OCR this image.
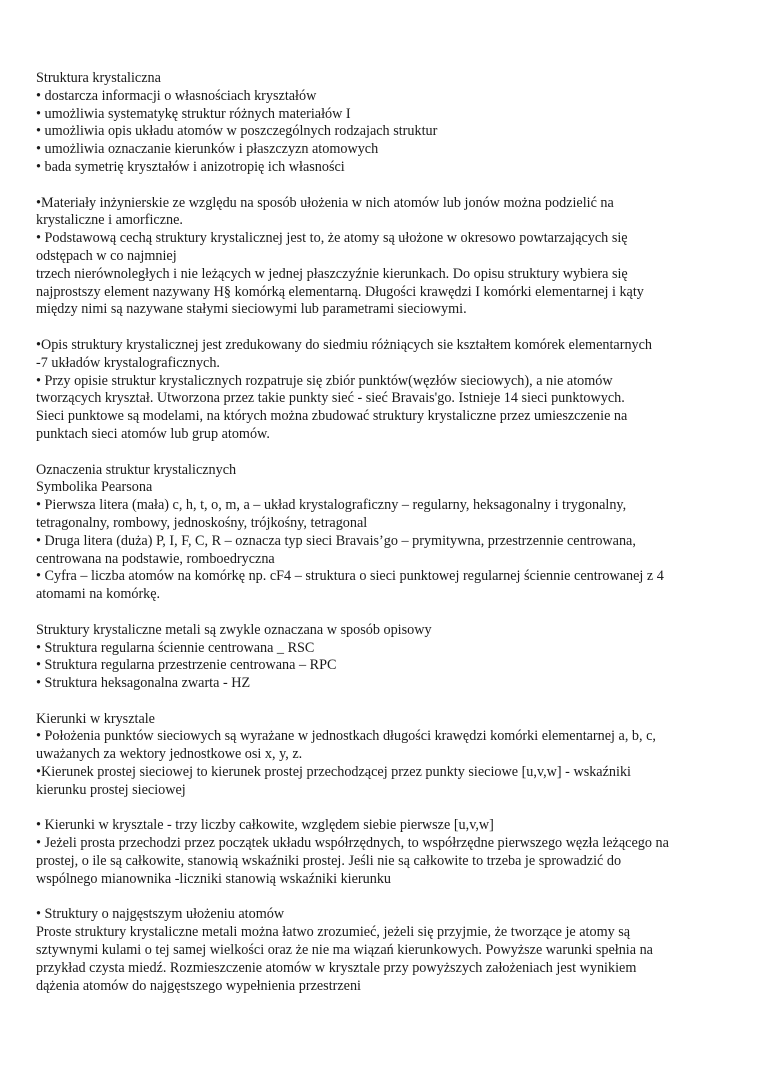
Struktura krystaliczna
• dostarcza informacji o własnościach kryształów
• umożliwia systematykę struktur różnych materiałów I
• umożliwia opis układu atomów w poszczególnych rodzajach struktur
• umożliwia oznaczanie kierunków i płaszczyzn atomowych
• bada symetrię kryształów i anizotropię ich własności
•Materiały inżynierskie ze względu na sposób ułożenia w nich atomów lub jonów można podzielić na
krystaliczne i amorficzne.
• Podstawową cechą struktury krystalicznej jest to, że atomy są ułożone w okresowo powtarzających się
odstępach w co najmniej
trzech nierównoległych i nie leżących w jednej płaszczyźnie kierunkach. Do opisu struktury wybiera się
najprostszy element nazywany H§ komórką elementarną. Długości krawędzi I komórki elementarnej i kąty
między nimi są nazywane stałymi sieciowymi lub parametrami sieciowymi.
•Opis struktury krystalicznej jest zredukowany do siedmiu różniących sie kształtem komórek elementarnych
-7 układów krystalograficznych.
• Przy opisie struktur krystalicznych rozpatruje się zbiór punktów(węzłów sieciowych), a nie atomów
tworzących kryształ. Utworzona przez takie punkty sieć - sieć Bravais'go. Istnieje 14 sieci punktowych.
Sieci punktowe są modelami, na których można zbudować struktury krystaliczne przez umieszczenie na
punktach sieci atomów lub grup atomów.
Oznaczenia struktur krystalicznych
Symbolika Pearsona
• Pierwsza litera (mała) c, h, t, o, m, a – układ krystalograficzny – regularny, heksagonalny i trygonalny,
tetragonalny, rombowy, jednoskośny, trójkośny, tetragonal
• Druga litera (duża) P, I, F, C, R – oznacza typ sieci Bravais’go – prymitywna, przestrzennie centrowana,
centrowana na podstawie, romboedryczna
• Cyfra – liczba atomów na komórkę np. cF4 – struktura o sieci punktowej regularnej ściennie centrowanej z 4
atomami na komórkę.
Struktury krystaliczne metali są zwykle oznaczana w sposób opisowy
• Struktura regularna ściennie centrowana _ RSC
• Struktura regularna przestrzenie centrowana – RPC
• Struktura heksagonalna zwarta - HZ
Kierunki w krysztale
• Położenia punktów sieciowych są wyrażane w jednostkach długości krawędzi komórki elementarnej a, b, c,
uważanych za wektory jednostkowe osi x, y, z.
•Kierunek prostej sieciowej to kierunek prostej przechodzącej przez punkty sieciowe [u,v,w] - wskaźniki
kierunku prostej sieciowej
• Kierunki w krysztale - trzy liczby całkowite, względem siebie pierwsze [u,v,w]
• Jeżeli prosta przechodzi przez początek układu współrzędnych, to współrzędne pierwszego węzła leżącego na
prostej, o ile są całkowite, stanowią wskaźniki prostej. Jeśli nie są całkowite to trzeba je sprowadzić do
wspólnego mianownika -liczniki stanowią wskaźniki kierunku
• Struktury o najgęstszym ułożeniu atomów
Proste struktury krystaliczne metali można łatwo zrozumieć, jeżeli się przyjmie, że tworzące je atomy są
sztywnymi kulami o tej samej wielkości oraz że nie ma wiązań kierunkowych. Powyższe warunki spełnia na
przykład czysta miedź. Rozmieszczenie atomów w krysztale przy powyższych założeniach jest wynikiem
dążenia atomów do najgęstszego wypełnienia przestrzeni
